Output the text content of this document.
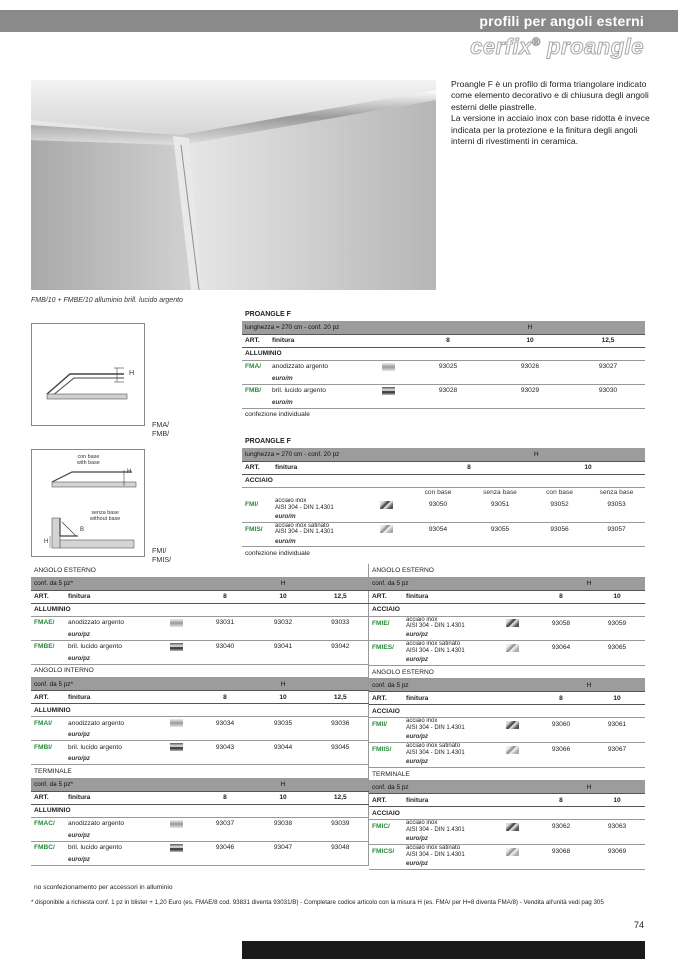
profili per angoli esterni
cerfix® proangle
FMB/10 + FMBE/10 alluminio brill. lucido argento
Proangle F è un profilo di forma triangolare indicato come elemento decorativo e di chiusura degli angoli esterni delle piastrelle.
La versione in acciaio inox con base ridotta è invece indicata per la protezione e la finitura degli angoli interni di rivestimenti in ceramica.
H
FMA/
FMB/
con base
with base
H
senza base
without base
H
B
FMI/
FMIS/
PROANGLE F					
lunghezza = 270 cm - conf. 20 pz				H	
ART.	finitura		8	10	12,5
ALLUMINIO					
FMA/	anodizzato argento		93025	93026	93027
	euro/m				
FMB/	bril. lucido argento		93028	93029	93030
	euro/m				
confezione individuale					
PROANGLE F						
lunghezza = 270 cm - conf. 20 pz					H	
ART.	finitura		8		10	
ACCIAIO						
			con base	senza base	con base	senza base
FMI/	acciaio inox
AISI 304 - DIN 1.4301		93050	93051	93052	93053
	euro/m					
FMIS/	acciaio inox satinato
AISI 304 - DIN 1.4301		93054	93055	93056	93057
	euro/m					
confezione individuale						
ANGOLO ESTERNO					
conf. da 5 pz*				H	
ART.	finitura		8	10	12,5
ALLUMINIO					
FMAE/	anodizzato argento		93031	93032	93033
	euro/pz				
FMBE/	bril. lucido argento		93040	93041	93042
	euro/pz				
ANGOLO INTERNO					
conf. da 5 pz*				H	
ART.	finitura		8	10	12,5
ALLUMINIO					
FMAI/	anodizzato argento		93034	93035	93036
	euro/pz				
FMBI/	bril. lucido argento		93043	93044	93045
	euro/pz				
TERMINALE					
conf. da 5 pz*				H	
ART.	finitura		8	10	12,5
ALLUMINIO					
FMAC/	anodizzato argento		93037	93038	93039
	euro/pz				
FMBC/	bril. lucido argento		93046	93047	93048
	euro/pz				
ANGOLO ESTERNO				
conf. da 5 pz			H	
ART.	finitura		8	10
ACCIAIO				
FMIE/	acciaio inox
AISI 304 - DIN 1.4301		93058	93059
	euro/pz			
FMIES/	acciaio inox satinato
AISI 304 - DIN 1.4301		93064	93065
	euro/pz			
ANGOLO ESTERNO				
conf. da 5 pz			H	
ART.	finitura		8	10
ACCIAIO				
FMII/	acciaio inox
AISI 304 - DIN 1.4301		93060	93061
	euro/pz			
FMIIS/	acciaio inox satinato
AISI 304 - DIN 1.4301		93066	93067
	euro/pz			
TERMINALE				
conf. da 5 pz			H	
ART.	finitura		8	10
ACCIAIO				
FMIC/	acciaio inox
AISI 304 - DIN 1.4301		93062	93063
	euro/pz			
FMICS/	acciaio inox satinato
AISI 304 - DIN 1.4301		93068	93069
	euro/pz			
no sconfezionamento per accessori in alluminio
* disponibile a richiesta conf. 1 pz in blister + 1,20 Euro (es. FMAE/8 cod. 93831 diventa 93031/B) - Completare codice articolo con la misura H (es. FMA/ per H=8 diventa FMA/8) - Vendita all'unità vedi pag 305
74
